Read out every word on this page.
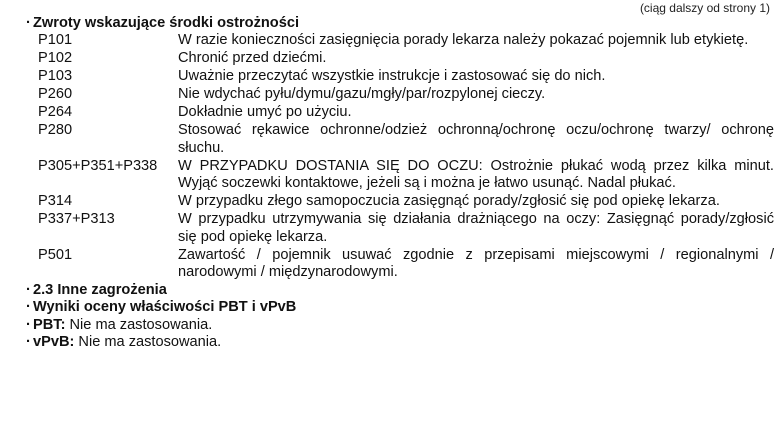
(ciąg dalszy od strony 1)
· Zwroty wskazujące środki ostrożności
P101	W razie konieczności zasięgnięcia porady lekarza należy pokazać pojemnik lub etykietę.
P102	Chronić przed dziećmi.
P103	Uważnie przeczytać wszystkie instrukcje i zastosować się do nich.
P260	Nie wdychać pyłu/dymu/gazu/mgły/par/rozpylonej cieczy.
P264	Dokładnie umyć po użyciu.
P280	Stosować rękawice ochronne/odzież ochronną/ochronę oczu/ochronę twarzy/ ochronę słuchu.
P305+P351+P338	W PRZYPADKU DOSTANIA SIĘ DO OCZU: Ostrożnie płukać wodą przez kilka minut. Wyjąć soczewki kontaktowe, jeżeli są i można je łatwo usunąć. Nadal płukać.
P314	W przypadku złego samopoczucia zasięgnąć porady/zgłosić się pod opiekę lekarza.
P337+P313	W przypadku utrzymywania się działania drażniącego na oczy: Zasięgnąć porady/zgłosić się pod opiekę lekarza.
P501	Zawartość / pojemnik usuwać zgodnie z przepisami miejscowymi / regionalnymi / narodowymi / międzynarodowymi.
· 2.3 Inne zagrożenia
· Wyniki oceny właściwości PBT i vPvB
· PBT: Nie ma zastosowania.
· vPvB: Nie ma zastosowania.
